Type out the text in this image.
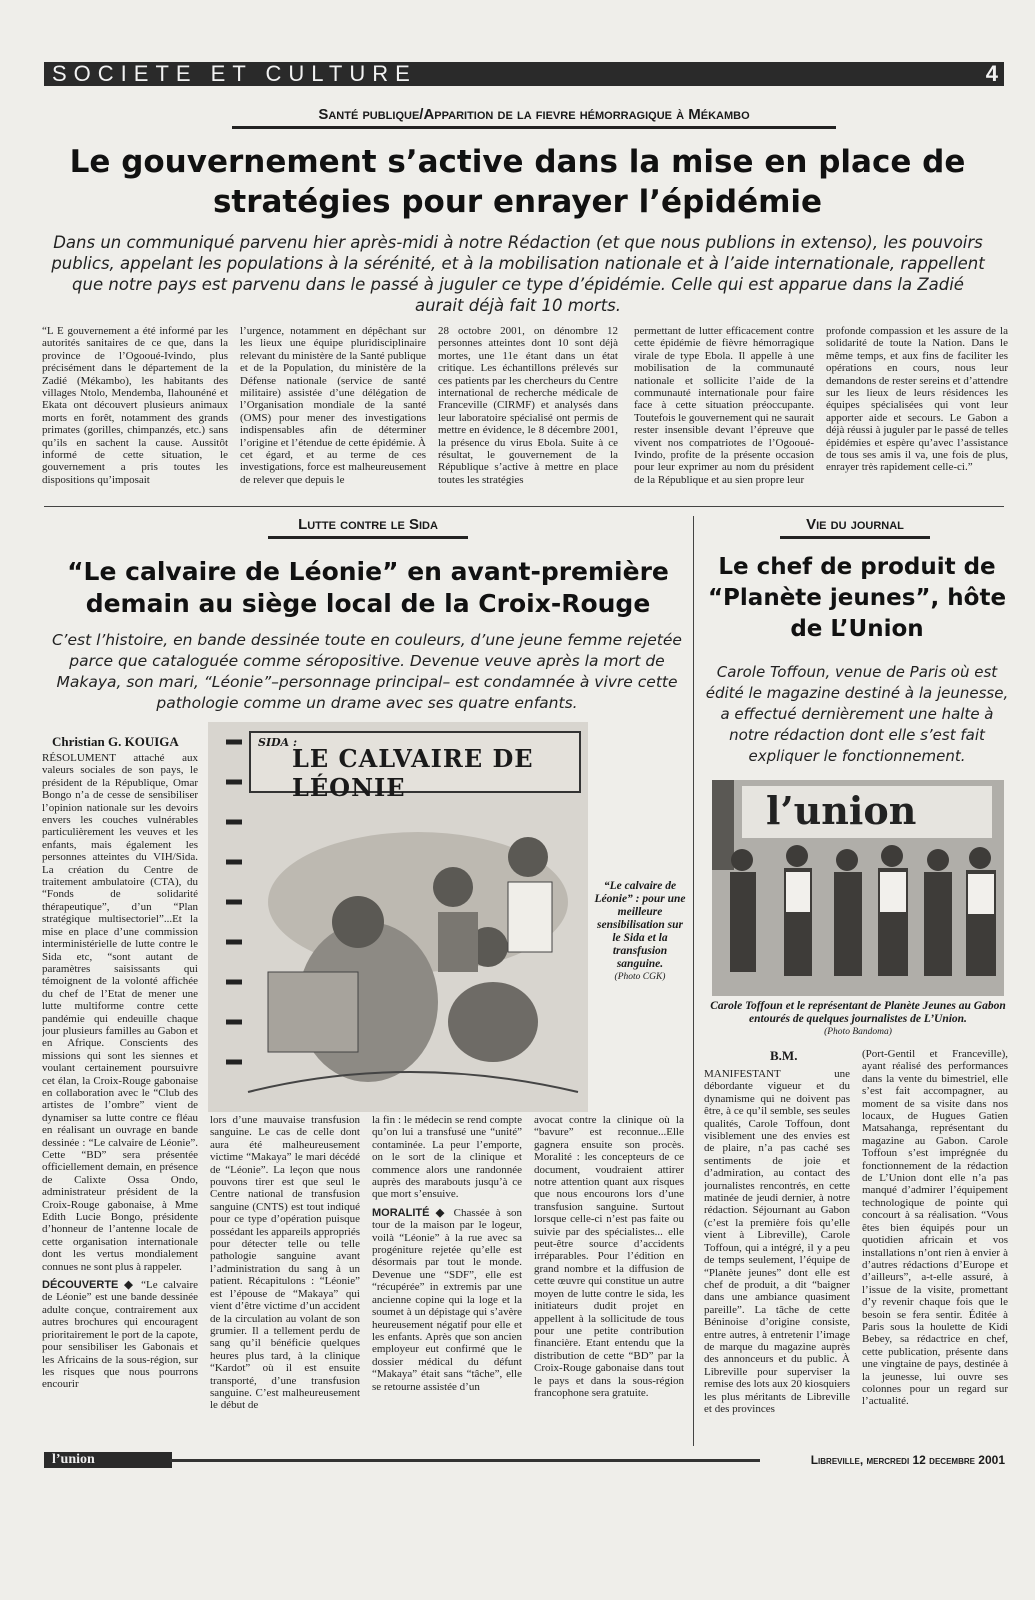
SOCIETE ET CULTURE	4
Santé publique/Apparition de la fievre hémorragique à Mékambo
Le gouvernement s’active dans la mise en place de stratégies pour enrayer l’épidémie

Dans un communiqué parvenu hier après-midi à notre Rédaction (et que nous publions in extenso), les pouvoirs publics, appelant les populations à la sérénité, et à la mobilisation nationale et à l’aide internationale, rappellent que notre pays est parvenu dans le passé à juguler ce type d’épidémie. Celle qui est apparue dans la Zadié aurait déjà fait 10 morts.

“L E gouvernement a été informé par les autorités sanitaires de ce que, dans la province de l’Ogooué-Ivindo, plus précisément dans le département de la Zadié (Mékambo), les habitants des villages Ntolo, Mendemba, Ilahounéné et Ekata ont découvert plusieurs animaux morts en forêt, notamment des grands primates (gorilles, chimpanzés, etc.) sans qu’ils en sachent la cause. Aussitôt informé de cette situation, le gouvernement a pris toutes les dispositions qu’imposait

l’urgence, notamment en dépêchant sur les lieux une équipe pluridisciplinaire relevant du ministère de la Santé publique et de la Population, du ministère de la Défense nationale (service de santé militaire) assistée d’une délégation de l’Organisation mondiale de la santé (OMS) pour mener des investigations indispensables afin de déterminer l’origine et l’étendue de cette épidémie. À cet égard, et au terme de ces investigations, force est malheureusement de relever que depuis le

28 octobre 2001, on dénombre 12 personnes atteintes dont 10 sont déjà mortes, une 11e étant dans un état critique. Les échantillons prélevés sur ces patients par les chercheurs du Centre international de recherche médicale de Franceville (CIRMF) et analysés dans leur laboratoire spécialisé ont permis de mettre en évidence, le 8 décembre 2001, la présence du virus Ebola. Suite à ce résultat, le gouvernement de la République s’active à mettre en place toutes les stratégies

permettant de lutter efficacement contre cette épidémie de fièvre hémorragique virale de type Ebola. Il appelle à une mobilisation de la communauté nationale et sollicite l’aide de la communauté internationale pour faire face à cette situation préoccupante. Toutefois le gouvernement qui ne saurait rester insensible devant l’épreuve que vivent nos compatriotes de l’Ogooué-Ivindo, profite de la présente occasion pour leur exprimer au nom du président de la République et au sien propre leur

profonde compassion et les assure de la solidarité de toute la Nation. Dans le même temps, et aux fins de faciliter les opérations en cours, nous leur demandons de rester sereins et d’attendre sur les lieux de leurs résidences les équipes spécialisées qui vont leur apporter aide et secours. Le Gabon a déjà réussi à juguler par le passé de telles épidémies et espère qu’avec l’assistance de tous ses amis il va, une fois de plus, enrayer très rapidement celle-ci.”

Lutte contre le Sida
“Le calvaire de Léonie” en avant-première demain au siège local de la Croix-Rouge

C’est l’histoire, en bande dessinée toute en couleurs, d’une jeune femme rejetée parce que cataloguée comme séropositive. Devenue veuve après la mort de Makaya, son mari, “Léonie”–personnage principal– est condamnée à vivre cette pathologie comme un drame avec ses quatre enfants.

Christian G. KOUIGA

RÉSOLUMENT attaché aux valeurs sociales de son pays, le président de la République, Omar Bongo n’a de cesse de sensibiliser l’opinion nationale sur les devoirs envers les couches vulnérables particulièrement les veuves et les enfants, mais également les personnes atteintes du VIH/Sida. La création du Centre de traitement ambulatoire (CTA), du “Fonds de solidarité thérapeutique”, d’un “Plan stratégique multisectoriel”...Et la mise en place d’une commission interministérielle de lutte contre le Sida etc, “sont autant de paramètres saisissants qui témoignent de la volonté affichée du chef de l’Etat de mener une lutte multiforme contre cette pandémie qui endeuille chaque jour plusieurs familles au Gabon et en Afrique. Conscients des missions qui sont les siennes et voulant certainement poursuivre cet élan, la Croix-Rouge gabonaise en collaboration avec le “Club des artistes de l’ombre” vient de dynamiser sa lutte contre ce fléau en réalisant un ouvrage en bande dessinée : “Le calvaire de Léonie”. Cette “BD” sera présentée officiellement demain, en présence de Calixte Ossa Ondo, administrateur président de la Croix-Rouge gabonaise, à Mme Edith Lucie Bongo, présidente d’honneur de l’antenne locale de cette organisation internationale dont les vertus mondialement connues ne sont plus à rappeler.

DÉCOUVERTE ◆ “Le calvaire de Léonie” est une bande dessinée adulte conçue, contrairement aux autres brochures qui encouragent prioritairement le port de la capote, pour sensibiliser les Gabonais et les Africains de la sous-région, sur les risques que nous pourrons encourir

SIDA :
LE CALVAIRE DE LÉONIE
“Le calvaire de Léonie” : pour une meilleure sensibilisation sur le Sida et la transfusion sanguine.
(Photo CGK)

lors d’une mauvaise transfusion sanguine. Le cas de celle dont aura été malheureusement victime “Makaya” le mari décédé de “Léonie”. La leçon que nous pouvons tirer est que seul le Centre national de transfusion sanguine (CNTS) est tout indiqué pour ce type d’opération puisque possédant les appareils appropriés pour détecter telle ou telle pathologie sanguine avant l’administration du sang à un patient. Récapitulons : “Léonie” est l’épouse de “Makaya” qui vient d’être victime d’un accident de la circulation au volant de son grumier. Il a tellement perdu de sang qu’il bénéficie quelques heures plus tard, à la clinique “Kardot” où il est ensuite transporté, d’une transfusion sanguine. C’est malheureusement le début de

la fin : le médecin se rend compte qu’on lui a transfusé une “unité” contaminée. La peur l’emporte, on le sort de la clinique et commence alors une randonnée auprès des marabouts jusqu’à ce que mort s’ensuive.

MORALITÉ ◆ Chassée à son tour de la maison par le logeur, voilà “Léonie” à la rue avec sa progéniture rejetée qu’elle est désormais par tout le monde. Devenue une “SDF”, elle est “récupérée” in extremis par une ancienne copine qui la loge et la soumet à un dépistage qui s’avère heureusement négatif pour elle et les enfants. Après que son ancien employeur eut confirmé que le dossier médical du défunt “Makaya” était sans “tâche”, elle se retourne assistée d’un

avocat contre la clinique où la “bavure” est reconnue...Elle gagnera ensuite son procès. Moralité : les concepteurs de ce document, voudraient attirer notre attention quant aux risques que nous encourons lors d’une transfusion sanguine. Surtout lorsque celle-ci n’est pas faite ou suivie par des spécialistes... elle peut-être source d’accidents irréparables. Pour l’édition en grand nombre et la diffusion de cette œuvre qui constitue un autre moyen de lutte contre le sida, les initiateurs dudit projet en appellent à la sollicitude de tous pour une petite contribution financière. Etant entendu que la distribution de cette “BD” par la Croix-Rouge gabonaise dans tout le pays et dans la sous-région francophone sera gratuite.

Vie du journal
Le chef de produit de “Planète jeunes”, hôte de L’Union

Carole Toffoun, venue de Paris où est édité le magazine destiné à la jeunesse, a effectué dernièrement une halte à notre rédaction dont elle s’est fait expliquer le fonctionnement.

l’union
Carole Toffoun et le représentant de Planète Jeunes au Gabon entourés de quelques journalistes de L’Union.
(Photo Bandoma)
B.M.

MANIFESTANT une débordante vigueur et du dynamisme qui ne doivent pas être, à ce qu’il semble, ses seules qualités, Carole Toffoun, dont visiblement une des envies est de plaire, n’a pas caché ses sentiments de joie et d’admiration, au contact des journalistes rencontrés, en cette matinée de jeudi dernier, à notre rédaction. Séjournant au Gabon (c’est la première fois qu’elle vient à Libreville), Carole Toffoun, qui a intégré, il y a peu de temps seulement, l’équipe de “Planète jeunes” dont elle est chef de produit, a dit “baigner dans une ambiance quasiment pareille”. La tâche de cette Béninoise d’origine consiste, entre autres, à entretenir l’image de marque du magazine auprès des annonceurs et du public. À Libreville pour superviser la remise des lots aux 20 kiosquiers les plus méritants de Libreville et des provinces

(Port-Gentil et Franceville), ayant réalisé des performances dans la vente du bimestriel, elle s’est fait accompagner, au moment de sa visite dans nos locaux, de Hugues Gatien Matsahanga, représentant du magazine au Gabon. Carole Toffoun s’est imprégnée du fonctionnement de la rédaction de L’Union dont elle n’a pas manqué d’admirer l’équipement technologique de pointe qui concourt à sa réalisation. “Vous êtes bien équipés pour un quotidien africain et vos installations n’ont rien à envier à d’autres rédactions d’Europe et d’ailleurs”, a-t-elle assuré, à l’issue de la visite, promettant d’y revenir chaque fois que le besoin se fera sentir. Éditée à Paris sous la houlette de Kidi Bebey, sa rédactrice en chef, cette publication, présente dans une vingtaine de pays, destinée à la jeunesse, lui ouvre ses colonnes pour un regard sur l’actualité.

l’union	Libreville, mercredi 12 decembre 2001
